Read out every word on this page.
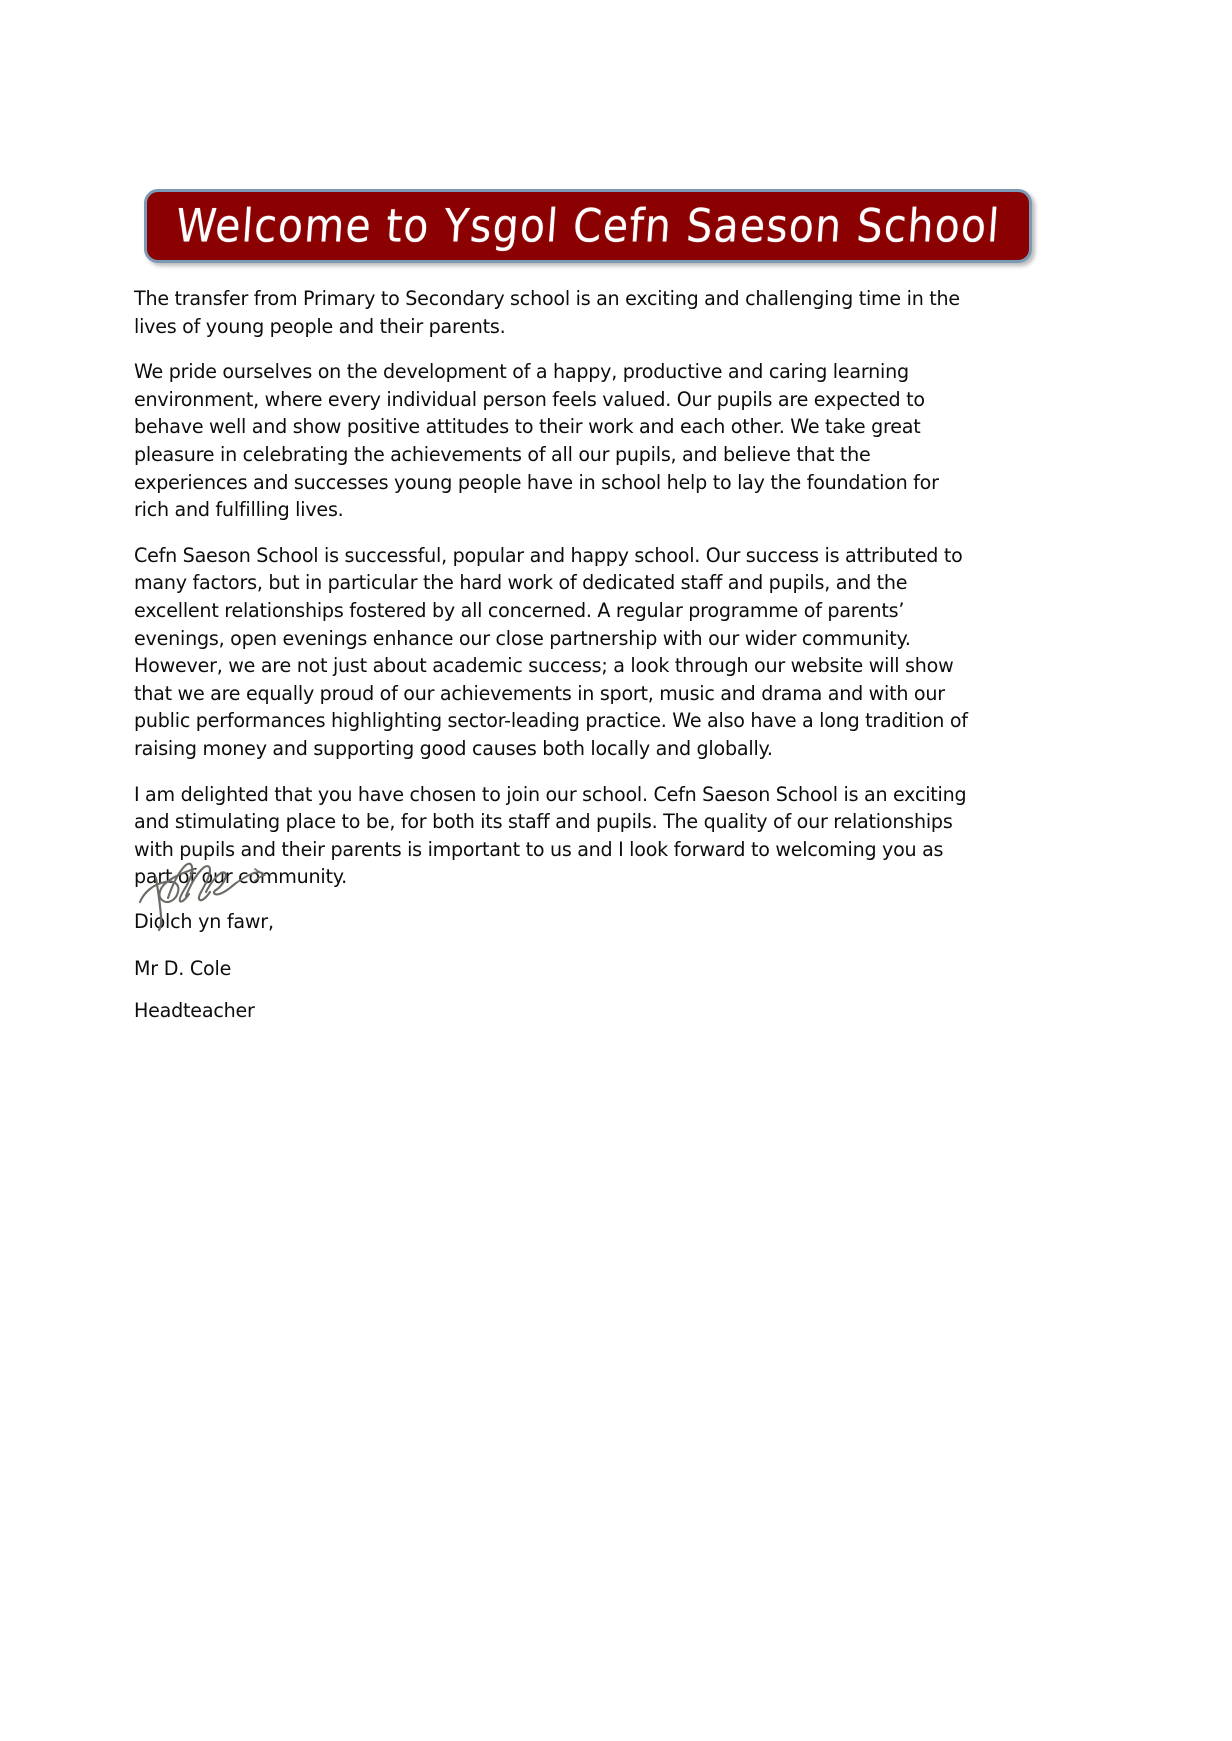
Welcome to Ysgol Cefn Saeson School

The transfer from Primary to Secondary school is an exciting and challenging time in the lives of young people and their parents.

We pride ourselves on the development of a happy, productive and caring learning environment, where every individual person feels valued. Our pupils are expected to behave well and show positive attitudes to their work and each other. We take great pleasure in celebrating the achievements of all our pupils, and believe that the experiences and successes young people have in school help to lay the foundation for rich and fulfilling lives.

Cefn Saeson School is successful, popular and happy school. Our success is attributed to many factors, but in particular the hard work of dedicated staff and pupils, and the excellent relationships fostered by all concerned. A regular programme of parents’ evenings, open evenings enhance our close partnership with our wider community. However, we are not just about academic success; a look through our website will show that we are equally proud of our achievements in sport, music and drama and with our public performances highlighting sector-leading practice. We also have a long tradition of raising money and supporting good causes both locally and globally.

I am delighted that you have chosen to join our school. Cefn Saeson School is an exciting and stimulating place to be, for both its staff and pupils. The quality of our relationships with pupils and their parents is important to us and I look forward to welcoming you as part of our community.

Diolch yn fawr,

Mr D. Cole

Headteacher
